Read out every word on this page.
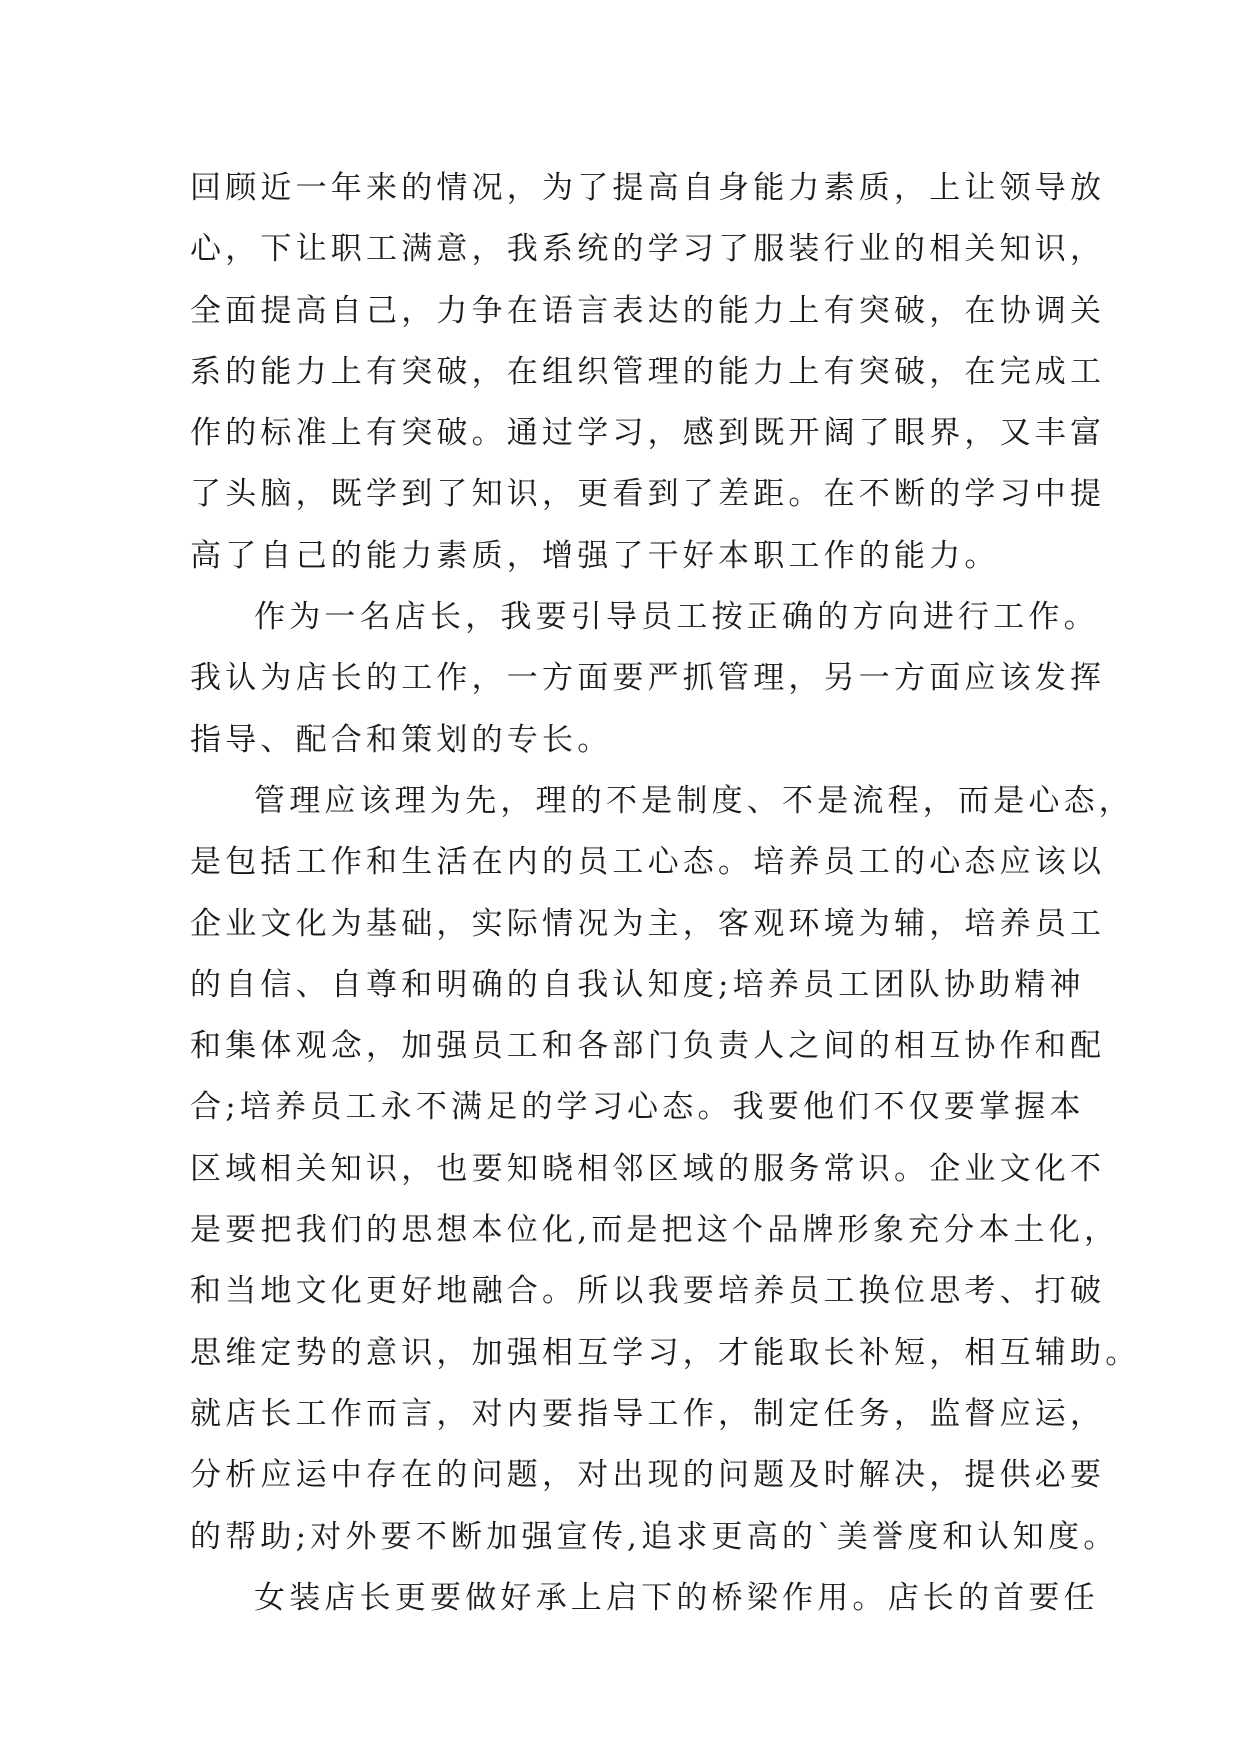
回顾近一年来的情况，为了提高自身能力素质，上让领导放
心，下让职工满意，我系统的学习了服装行业的相关知识，
全面提高自己，力争在语言表达的能力上有突破，在协调关
系的能力上有突破，在组织管理的能力上有突破，在完成工
作的标准上有突破。通过学习，感到既开阔了眼界，又丰富
了头脑，既学到了知识，更看到了差距。在不断的学习中提
高了自己的能力素质，增强了干好本职工作的能力。
作为一名店长，我要引导员工按正确的方向进行工作。
我认为店长的工作，一方面要严抓管理，另一方面应该发挥
指导、配合和策划的专长。
管理应该理为先，理的不是制度、不是流程，而是心态，
是包括工作和生活在内的员工心态。培养员工的心态应该以
企业文化为基础，实际情况为主，客观环境为辅，培养员工
的自信、自尊和明确的自我认知度;培养员工团队协助精神
和集体观念，加强员工和各部门负责人之间的相互协作和配
合;培养员工永不满足的学习心态。我要他们不仅要掌握本
区域相关知识，也要知晓相邻区域的服务常识。企业文化不
是要把我们的思想本位化,而是把这个品牌形象充分本土化，
和当地文化更好地融合。所以我要培养员工换位思考、打破
思维定势的意识，加强相互学习，才能取长补短，相互辅助。
就店长工作而言，对内要指导工作，制定任务，监督应运，
分析应运中存在的问题，对出现的问题及时解决，提供必要
的帮助;对外要不断加强宣传,追求更高的`美誉度和认知度。
女装店长更要做好承上启下的桥梁作用。店长的首要任
